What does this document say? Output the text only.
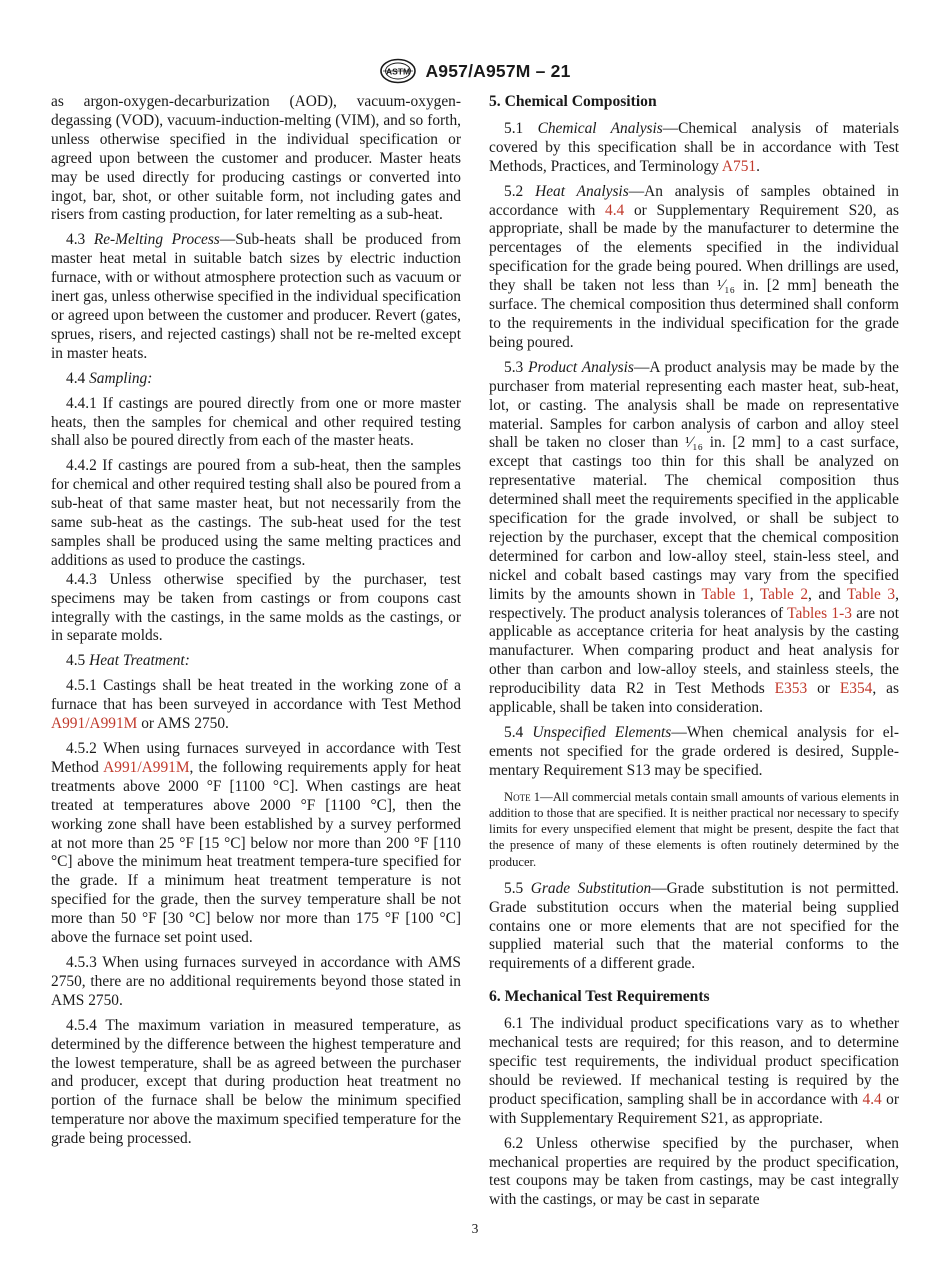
ASTM A957/A957M – 21

as argon-oxygen-decarburization (AOD), vacuum-oxygen-degassing (VOD), vacuum-induction-melting (VIM), and so forth, unless otherwise specified in the individual specification or agreed upon between the customer and producer. Master heats may be used directly for producing castings or converted into ingot, bar, shot, or other suitable form, not including gates and risers from casting production, for later remelting as a sub-heat.

4.3 Re-Melting Process—Sub-heats shall be produced from master heat metal in suitable batch sizes by electric induction furnace, with or without atmosphere protection such as vacuum or inert gas, unless otherwise specified in the individual specification or agreed upon between the customer and producer. Revert (gates, sprues, risers, and rejected castings) shall not be re-melted except in master heats.

4.4 Sampling:

4.4.1 If castings are poured directly from one or more master heats, then the samples for chemical and other required testing shall also be poured directly from each of the master heats.

4.4.2 If castings are poured from a sub-heat, then the samples for chemical and other required testing shall also be poured from a sub-heat of that same master heat, but not necessarily from the same sub-heat as the castings. The sub-heat used for the test samples shall be produced using the same melting practices and additions as used to produce the castings.

4.4.3 Unless otherwise specified by the purchaser, test specimens may be taken from castings or from coupons cast integrally with the castings, in the same molds as the castings, or in separate molds.

4.5 Heat Treatment:

4.5.1 Castings shall be heat treated in the working zone of a furnace that has been surveyed in accordance with Test Method A991/A991M or AMS 2750.

4.5.2 When using furnaces surveyed in accordance with Test Method A991/A991M, the following requirements apply for heat treatments above 2000 °F [1100 °C]. When castings are heat treated at temperatures above 2000 °F [1100 °C], then the working zone shall have been established by a survey performed at not more than 25 °F [15 °C] below nor more than 200 °F [110 °C] above the minimum heat treatment tempera-ture specified for the grade. If a minimum heat treatment temperature is not specified for the grade, then the survey temperature shall be not more than 50 °F [30 °C] below nor more than 175 °F [100 °C] above the furnace set point used.

4.5.3 When using furnaces surveyed in accordance with AMS 2750, there are no additional requirements beyond those stated in AMS 2750.

4.5.4 The maximum variation in measured temperature, as determined by the difference between the highest temperature and the lowest temperature, shall be as agreed between the purchaser and producer, except that during production heat treatment no portion of the furnace shall be below the minimum specified temperature nor above the maximum specified temperature for the grade being processed.

5. Chemical Composition

5.1 Chemical Analysis—Chemical analysis of materials covered by this specification shall be in accordance with Test Methods, Practices, and Terminology A751.

5.2 Heat Analysis—An analysis of samples obtained in accordance with 4.4 or Supplementary Requirement S20, as appropriate, shall be made by the manufacturer to determine the percentages of the elements specified in the individual specification for the grade being poured. When drillings are used, they shall be taken not less than ¹⁄₁₆ in. [2 mm] beneath the surface. The chemical composition thus determined shall conform to the requirements in the individual specification for the grade being poured.

5.3 Product Analysis—A product analysis may be made by the purchaser from material representing each master heat, sub-heat, lot, or casting. The analysis shall be made on representative material. Samples for carbon analysis of carbon and alloy steel shall be taken no closer than ¹⁄₁₆ in. [2 mm] to a cast surface, except that castings too thin for this shall be analyzed on representative material. The chemical composition thus determined shall meet the requirements specified in the applicable specification for the grade involved, or shall be subject to rejection by the purchaser, except that the chemical composition determined for carbon and low-alloy steel, stain-less steel, and nickel and cobalt based castings may vary from the specified limits by the amounts shown in Table 1, Table 2, and Table 3, respectively. The product analysis tolerances of Tables 1-3 are not applicable as acceptance criteria for heat analysis by the casting manufacturer. When comparing product and heat analysis for other than carbon and low-alloy steels, and stainless steels, the reproducibility data R2 in Test Methods E353 or E354, as applicable, shall be taken into consideration.

5.4 Unspecified Elements—When chemical analysis for el-ements not specified for the grade ordered is desired, Supple-mentary Requirement S13 may be specified.

Note 1—All commercial metals contain small amounts of various elements in addition to those that are specified. It is neither practical nor necessary to specify limits for every unspecified element that might be present, despite the fact that the presence of many of these elements is often routinely determined by the producer.

5.5 Grade Substitution—Grade substitution is not permitted. Grade substitution occurs when the material being supplied contains one or more elements that are not specified for the supplied material such that the material conforms to the requirements of a different grade.

6. Mechanical Test Requirements

6.1 The individual product specifications vary as to whether mechanical tests are required; for this reason, and to determine specific test requirements, the individual product specification should be reviewed. If mechanical testing is required by the product specification, sampling shall be in accordance with 4.4 or with Supplementary Requirement S21, as appropriate.

6.2 Unless otherwise specified by the purchaser, when mechanical properties are required by the product specification, test coupons may be taken from castings, may be cast integrally with the castings, or may be cast in separate

3
